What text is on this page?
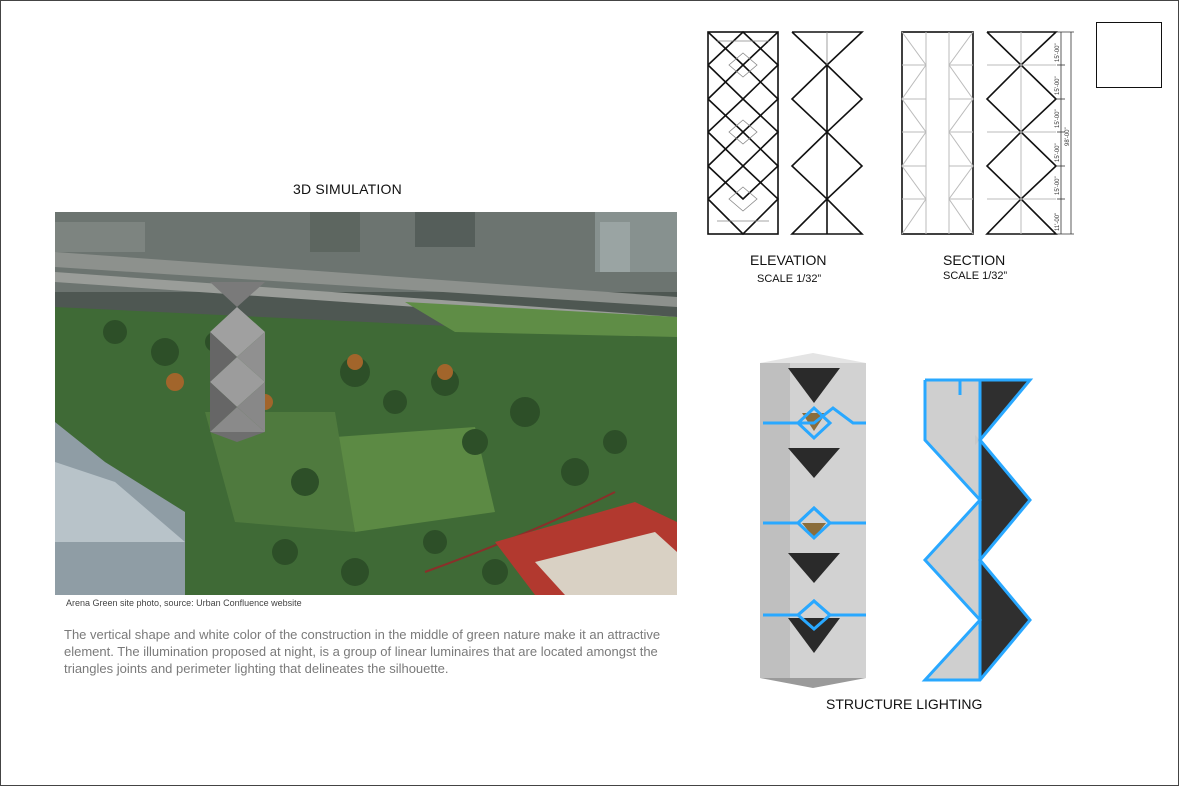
3D SIMULATION
Arena Green site photo, source: Urban Confluence website
The vertical shape and white color of the construction in the middle of green nature make it an attractive element. The illumination proposed at night, is a group of linear luminaires that are located amongst the triangles joints and perimeter lighting that delineates the silhouette.
ELEVATION
SCALE 1/32”
11'-00"
15'-00"
15'-00"
15'-00"
15'-00"
15'-00"
98'-00"
SECTION
SCALE 1/32”
STRUCTURE LIGHTING
